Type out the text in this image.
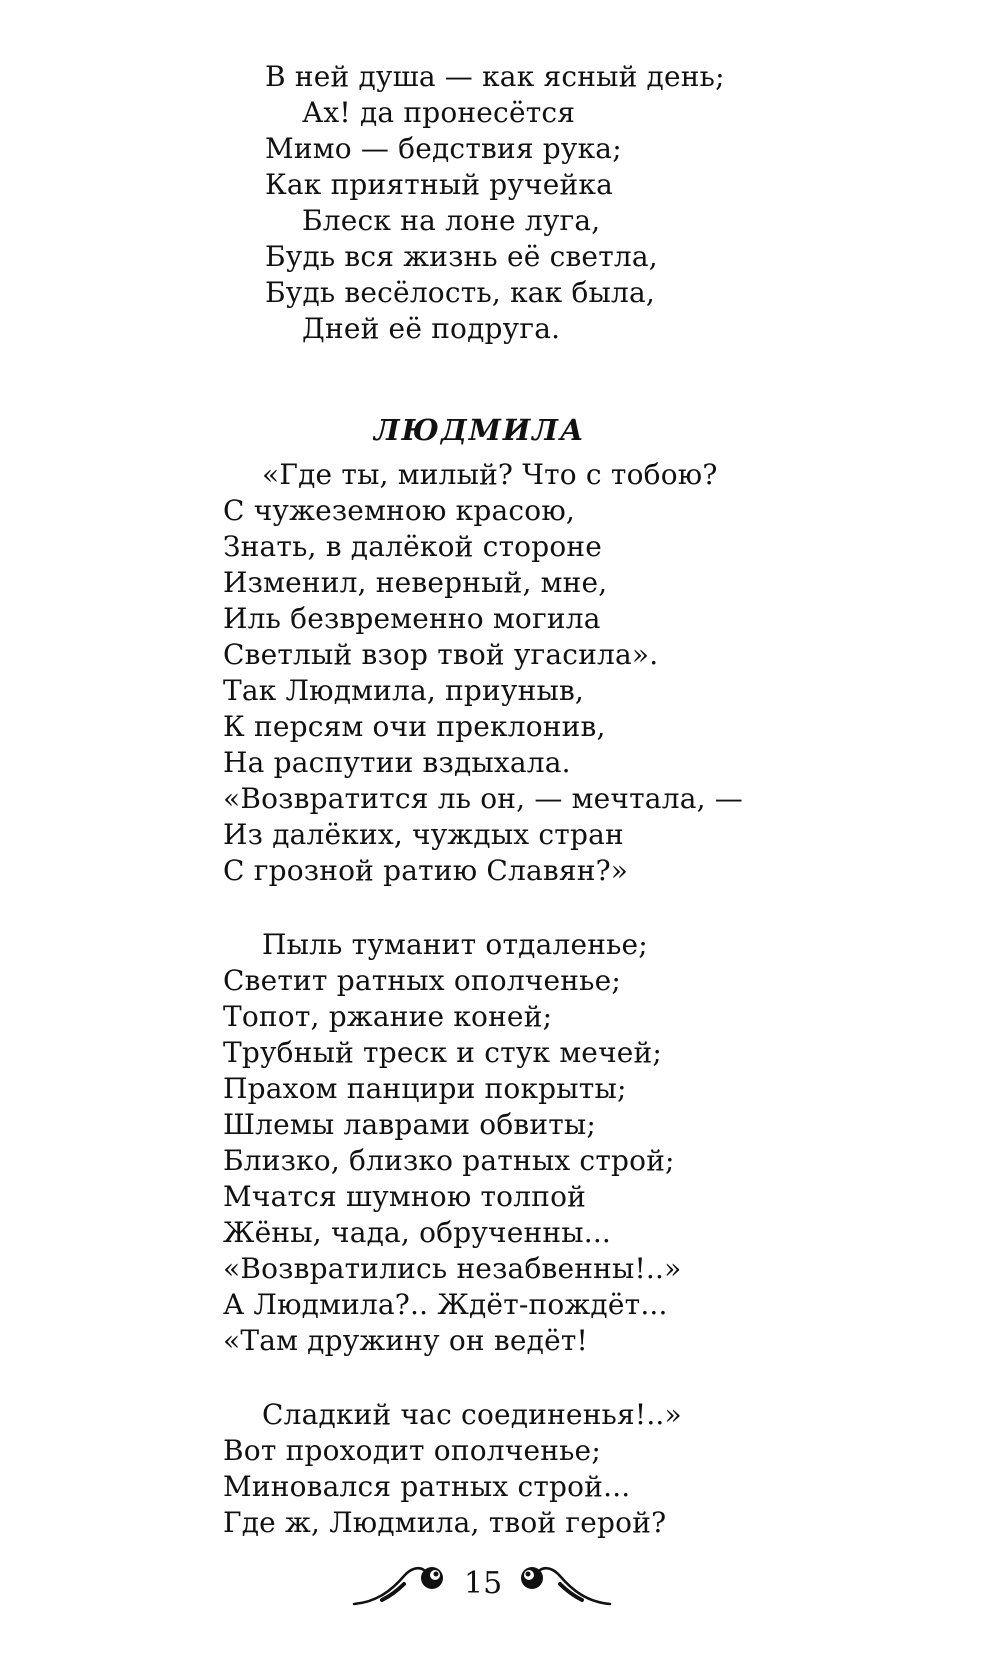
В ней душа — как ясный день;
Ах! да пронесётся
Мимо — бедствия рука;
Как приятный ручейка
Блеск на лоне луга,
Будь вся жизнь её светла,
Будь весёлость, как была,
Дней её подруга.
ЛЮДМИЛА
«Где ты, милый? Что с тобою?
С чужеземною красою,
Знать, в далёкой стороне
Изменил, неверный, мне,
Иль безвременно могила
Светлый взор твой угасила».
Так Людмила, приуныв,
К персям очи преклонив,
На распутии вздыхала.
«Возвратится ль он, — мечтала, —
Из далёких, чуждых стран
С грозной ратию Славян?»
Пыль туманит отдаленье;
Светит ратных ополченье;
Топот, ржание коней;
Трубный треск и стук мечей;
Прахом панцири покрыты;
Шлемы лаврами обвиты;
Близко, близко ратных строй;
Мчатся шумною толпой
Жёны, чада, обрученны...
«Возвратились незабвенны!..»
А Людмила?.. Ждёт-пождёт...
«Там дружину он ведёт!
Сладкий час соединенья!..»
Вот проходит ополченье;
Миновался ратных строй...
Где ж, Людмила, твой герой?
15
